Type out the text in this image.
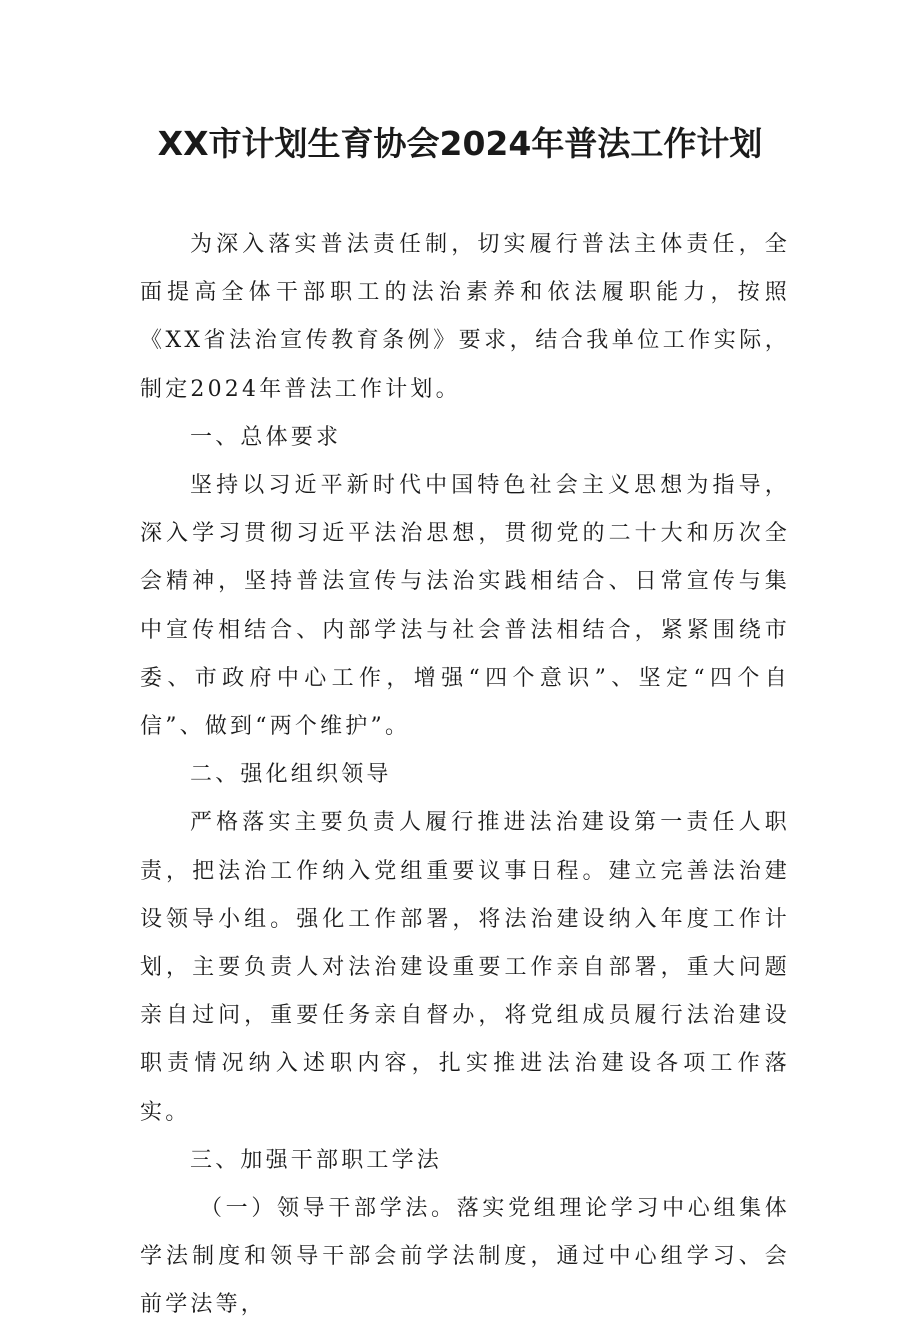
XX市计划生育协会2024年普法工作计划

为深入落实普法责任制，切实履行普法主体责任，全面提高全体干部职工的法治素养和依法履职能力，按照《XX省法治宣传教育条例》要求，结合我单位工作实际，制定2024年普法工作计划。

一、总体要求

坚持以习近平新时代中国特色社会主义思想为指导，深入学习贯彻习近平法治思想，贯彻党的二十大和历次全会精神，坚持普法宣传与法治实践相结合、日常宣传与集中宣传相结合、内部学法与社会普法相结合，紧紧围绕市委、市政府中心工作，增强“四个意识”、坚定“四个自信”、做到“两个维护”。

二、强化组织领导

严格落实主要负责人履行推进法治建设第一责任人职责，把法治工作纳入党组重要议事日程。建立完善法治建设领导小组。强化工作部署，将法治建设纳入年度工作计划，主要负责人对法治建设重要工作亲自部署，重大问题亲自过问，重要任务亲自督办，将党组成员履行法治建设职责情况纳入述职内容，扎实推进法治建设各项工作落实。

三、加强干部职工学法

（一）领导干部学法。落实党组理论学习中心组集体学法制度和领导干部会前学法制度，通过中心组学习、会前学法等，
